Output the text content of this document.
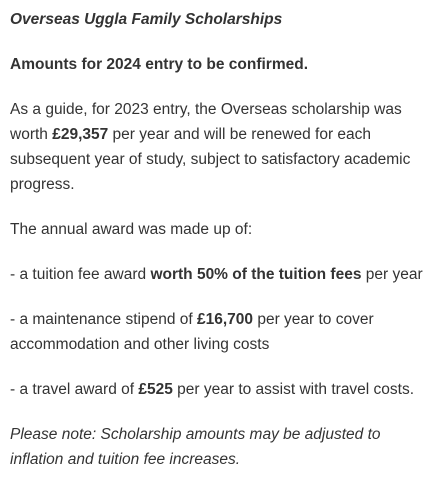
Overseas Uggla Family Scholarships

Amounts for 2024 entry to be confirmed.

As a guide, for 2023 entry, the Overseas scholarship was worth £29,357 per year and will be renewed for each subsequent year of study, subject to satisfactory academic progress.

The annual award was made up of:

- a tuition fee award worth 50% of the tuition fees per year

- a maintenance stipend of £16,700 per year to cover accommodation and other living costs

- a travel award of £525 per year to assist with travel costs.

Please note: Scholarship amounts may be adjusted to inflation and tuition fee increases.
